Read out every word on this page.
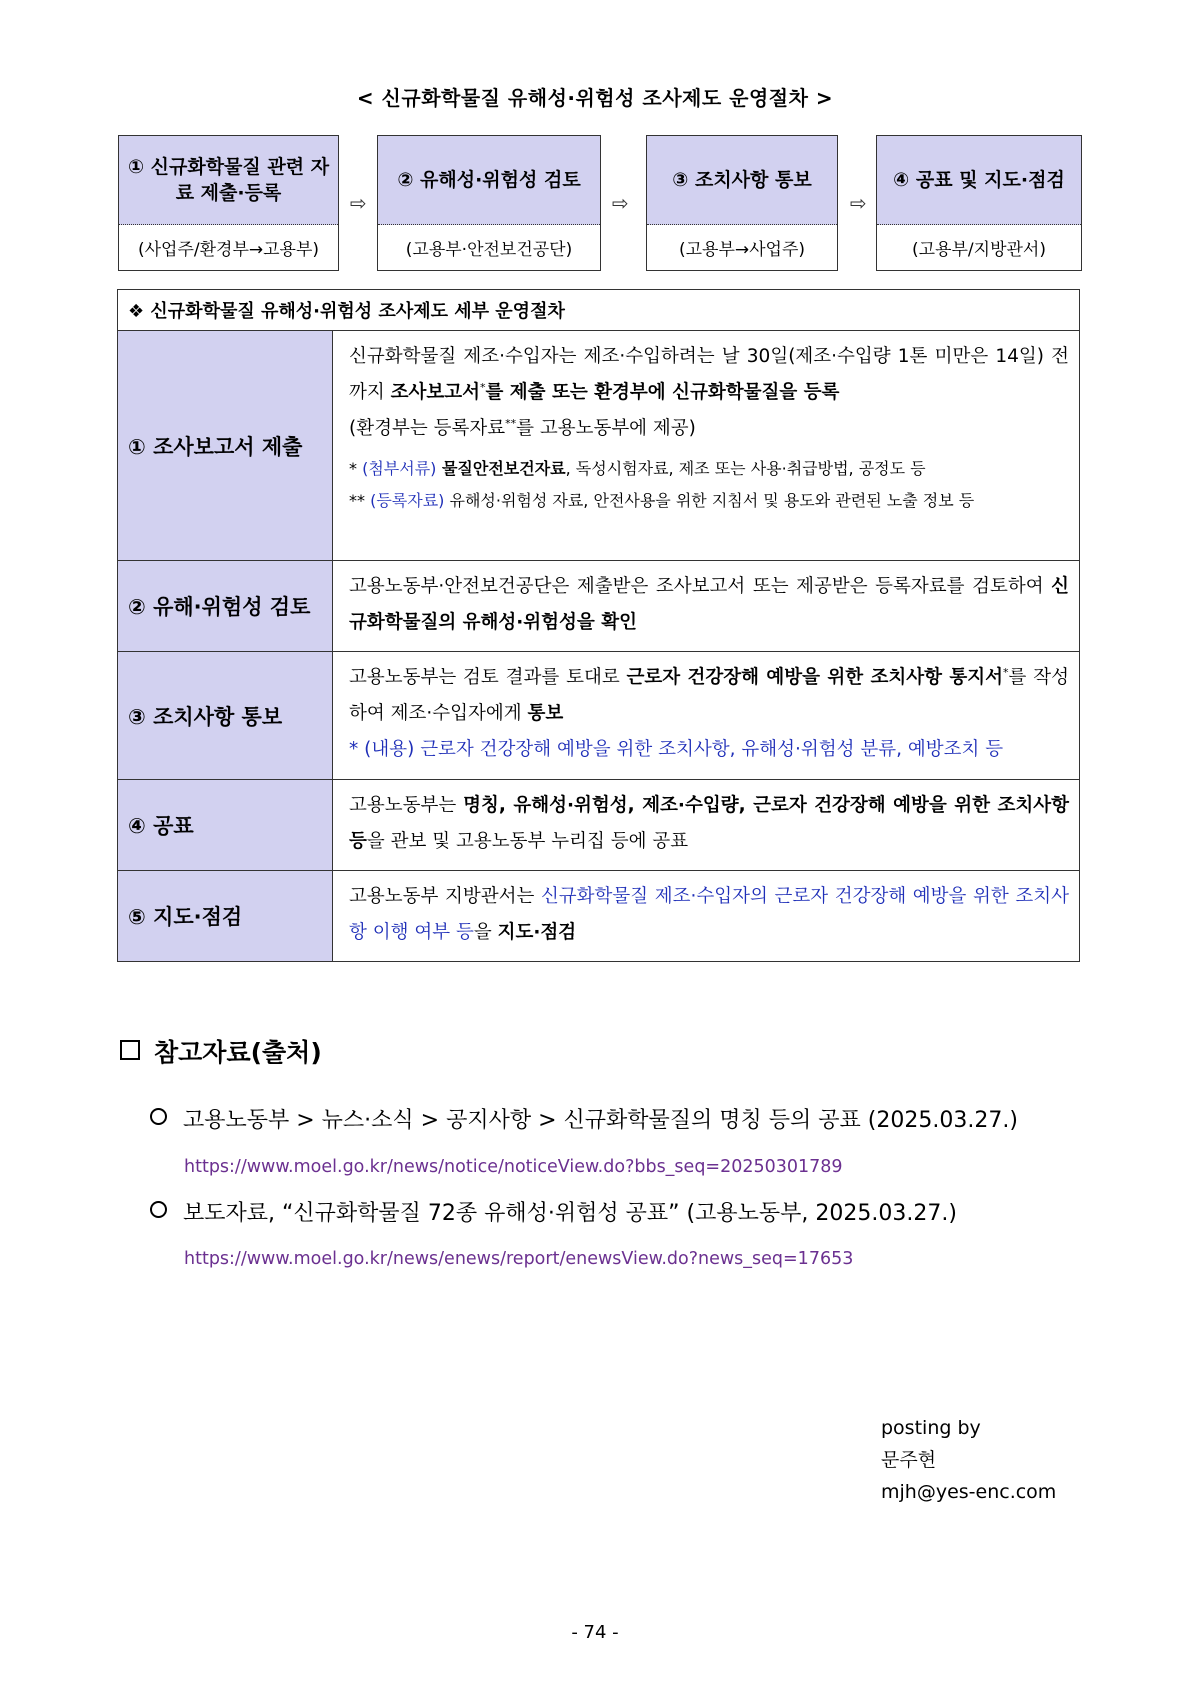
< 신규화학물질 유해성·위험성 조사제도 운영절차 >
① 신규화학물질 관련 자료 제출·등록
(사업주/환경부→고용부)
⇨
② 유해성·위험성 검토
(고용부·안전보건공단)
⇨
③ 조치사항 통보
(고용부→사업주)
⇨
④ 공표 및 지도·점검
(고용부/지방관서)
❖ 신규화학물질 유해성·위험성 조사제도 세부 운영절차
① 조사보고서 제출

신규화학물질 제조·수입자는 제조·수입하려는 날 30일(제조·수입량 1톤 미만은 14일) 전까지 조사보고서*를 제출 또는 환경부에 신규화학물질을 등록

(환경부는 등록자료**를 고용노동부에 제공)

* (첨부서류) 물질안전보건자료, 독성시험자료, 제조 또는 사용·취급방법, 공정도 등

** (등록자료) 유해성·위험성 자료, 안전사용을 위한 지침서 및 용도와 관련된 노출 정보 등

② 유해·위험성 검토

고용노동부·안전보건공단은 제출받은 조사보고서 또는 제공받은 등록자료를 검토하여 신규화학물질의 유해성·위험성을 확인

③ 조치사항 통보

고용노동부는 검토 결과를 토대로 근로자 건강장해 예방을 위한 조치사항 통지서*를 작성하여 제조·수입자에게 통보

* (내용) 근로자 건강장해 예방을 위한 조치사항, 유해성·위험성 분류, 예방조치 등

④ 공표

고용노동부는 명칭, 유해성·위험성, 제조·수입량, 근로자 건강장해 예방을 위한 조치사항 등을 관보 및 고용노동부 누리집 등에 공표

⑤ 지도·점검

고용노동부 지방관서는 신규화학물질 제조·수입자의 근로자 건강장해 예방을 위한 조치사항 이행 여부 등을 지도·점검

참고자료(출처)
고용노동부 > 뉴스·소식 > 공지사항 > 신규화학물질의 명칭 등의 공표 (2025.03.27.)
https://www.moel.go.kr/news/notice/noticeView.do?bbs_seq=20250301789
보도자료, “신규화학물질 72종 유해성·위험성 공표” (고용노동부, 2025.03.27.)
https://www.moel.go.kr/news/enews/report/enewsView.do?news_seq=17653
posting by
문주현
mjh@yes-enc.com
- 74 -
